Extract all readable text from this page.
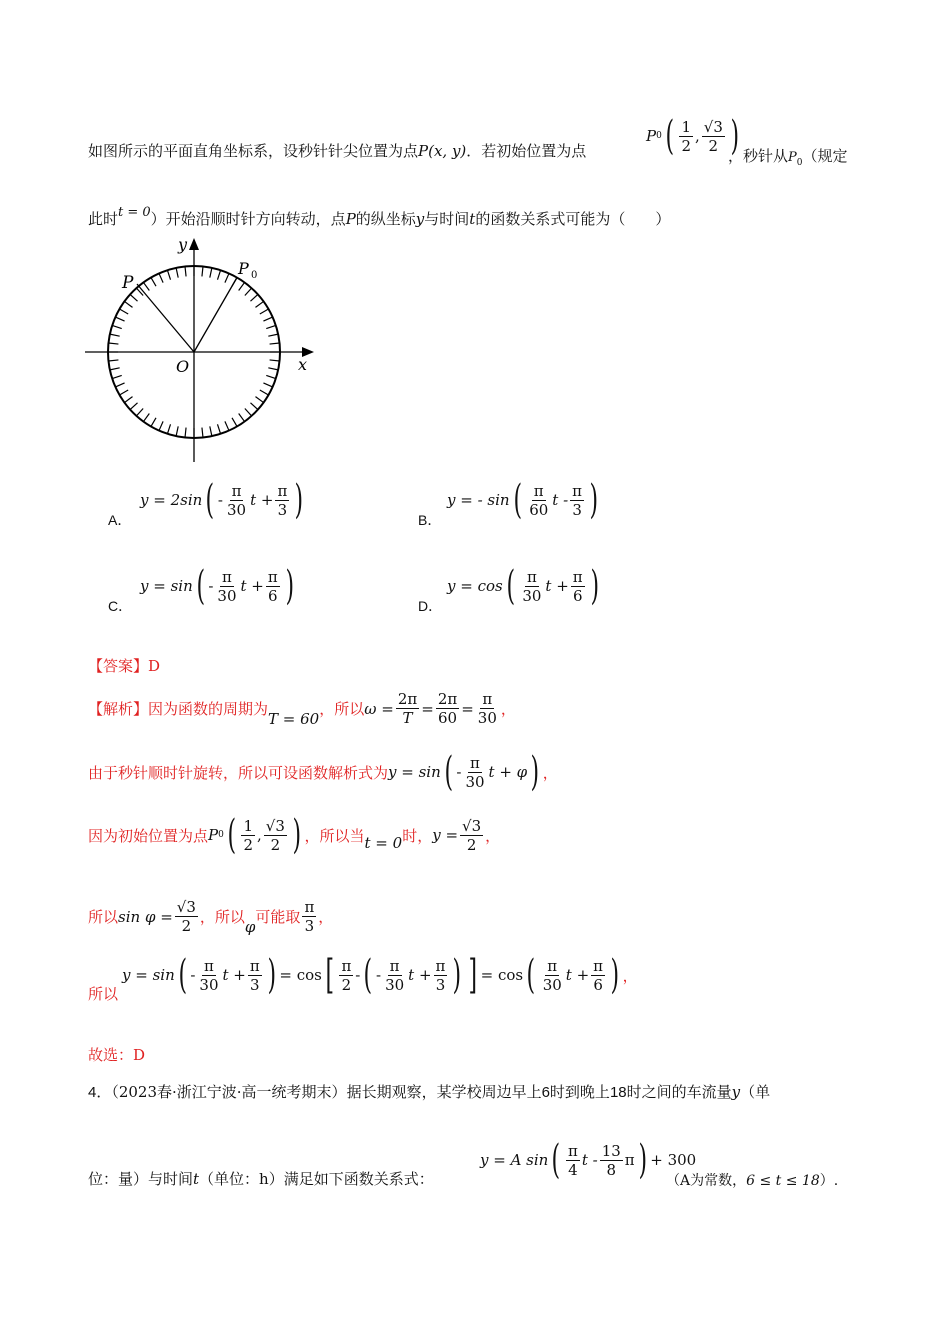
如图所示的平面直角坐标系，设秒针针尖位置为点P(x, y)．若初始位置为点
P 0 ( $\frac{1}{2}$ , $\frac{√3}{2}$ )
，秒针从$P_0$（规定
此时t = 0）开始沿顺时针方向转动，点P的纵坐标y与时间t的函数关系式可能为（　　）
y
x
O
P
P 0
A．
y = 2sin ( - $\frac{\pi}{30}$ $t + \frac{\pi}{3}$ )	B．
y = - sin ( $\frac{\pi}{60}$ t - $\frac{\pi}{3}$ )
C．
y = sin ( - $\frac{\pi}{30}$ $t + \frac{\pi}{6}$ )	D．
y = cos ( $\frac{\pi}{30}$ $t + \frac{\pi}{6}$ )
【答案】D
【解析】 因为函数的周期为
T = 60
，所以 $\omega = \frac{2\pi}{T} = \frac{2\pi}{60} = \frac{\pi}{30}$ ，
由于秒针顺时针旋转，所以可设函数解析式为 y = sin ( - $\frac{\pi}{30}$ t + φ ) ，
因为初始位置为点 P 0 ( $\frac{1}{2}$ , $\frac{√3}{2}$ ) ，所以当 t = 0 时， $y = \frac{√3}{2}$ ，
所以 $\sin \varphi = \frac{√3}{2}$ ，所以
φ
可能取 $\frac{\pi}{3}$ ，
所以
y = sin ( - $\frac{\pi}{30}$ $t + \frac{\pi}{3}$ ) = cos [ $\frac{\pi}{2}$ - ( - $\frac{\pi}{30}$ $t + \frac{\pi}{3}$ ) ] = cos ( $\frac{\pi}{30}$ $t + \frac{\pi}{6}$ ) ，
故选：D
4．（2023春·浙江宁波·高一统考期末）据长期观察，某学校周边早上6时到晚上18时之间的车流量y（单
位：量）与时间t（单位：h）满足如下函数关系式：
y = A sin ( $\frac{\pi}{4}$ t - $\frac{13}{8}$ π ) + 300
（A为常数，6 ≤ t ≤ 18）.
